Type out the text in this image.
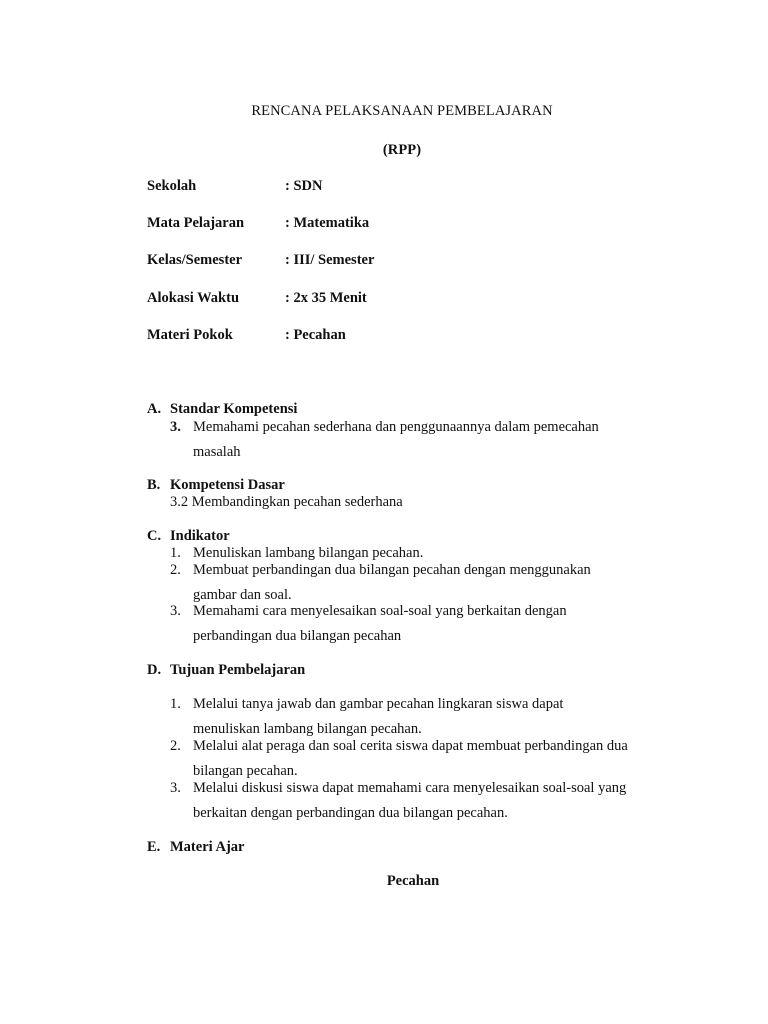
RENCANA PELAKSANAAN PEMBELAJARAN
(RPP)
Sekolah	: SDN
Mata Pelajaran	: Matematika
Kelas/Semester	: III/ Semester
Alokasi Waktu	: 2x 35 Menit
Materi Pokok	: Pecahan
A. Standar Kompetensi
3. Memahami pecahan sederhana dan penggunaannya dalam pemecahan
masalah
B. Kompetensi Dasar
3.2 Membandingkan pecahan sederhana
C. Indikator
1. Menuliskan lambang bilangan pecahan.
2. Membuat perbandingan dua bilangan pecahan dengan menggunakan
gambar dan soal.
3. Memahami cara menyelesaikan soal-soal yang berkaitan dengan
perbandingan dua bilangan pecahan
D. Tujuan Pembelajaran
1. Melalui tanya jawab dan gambar pecahan lingkaran siswa dapat
menuliskan lambang bilangan pecahan.
2. Melalui alat peraga dan soal cerita siswa dapat membuat perbandingan dua
bilangan pecahan.
3. Melalui diskusi siswa dapat memahami cara menyelesaikan soal-soal yang
berkaitan dengan perbandingan dua bilangan pecahan.
E. Materi Ajar
Pecahan
